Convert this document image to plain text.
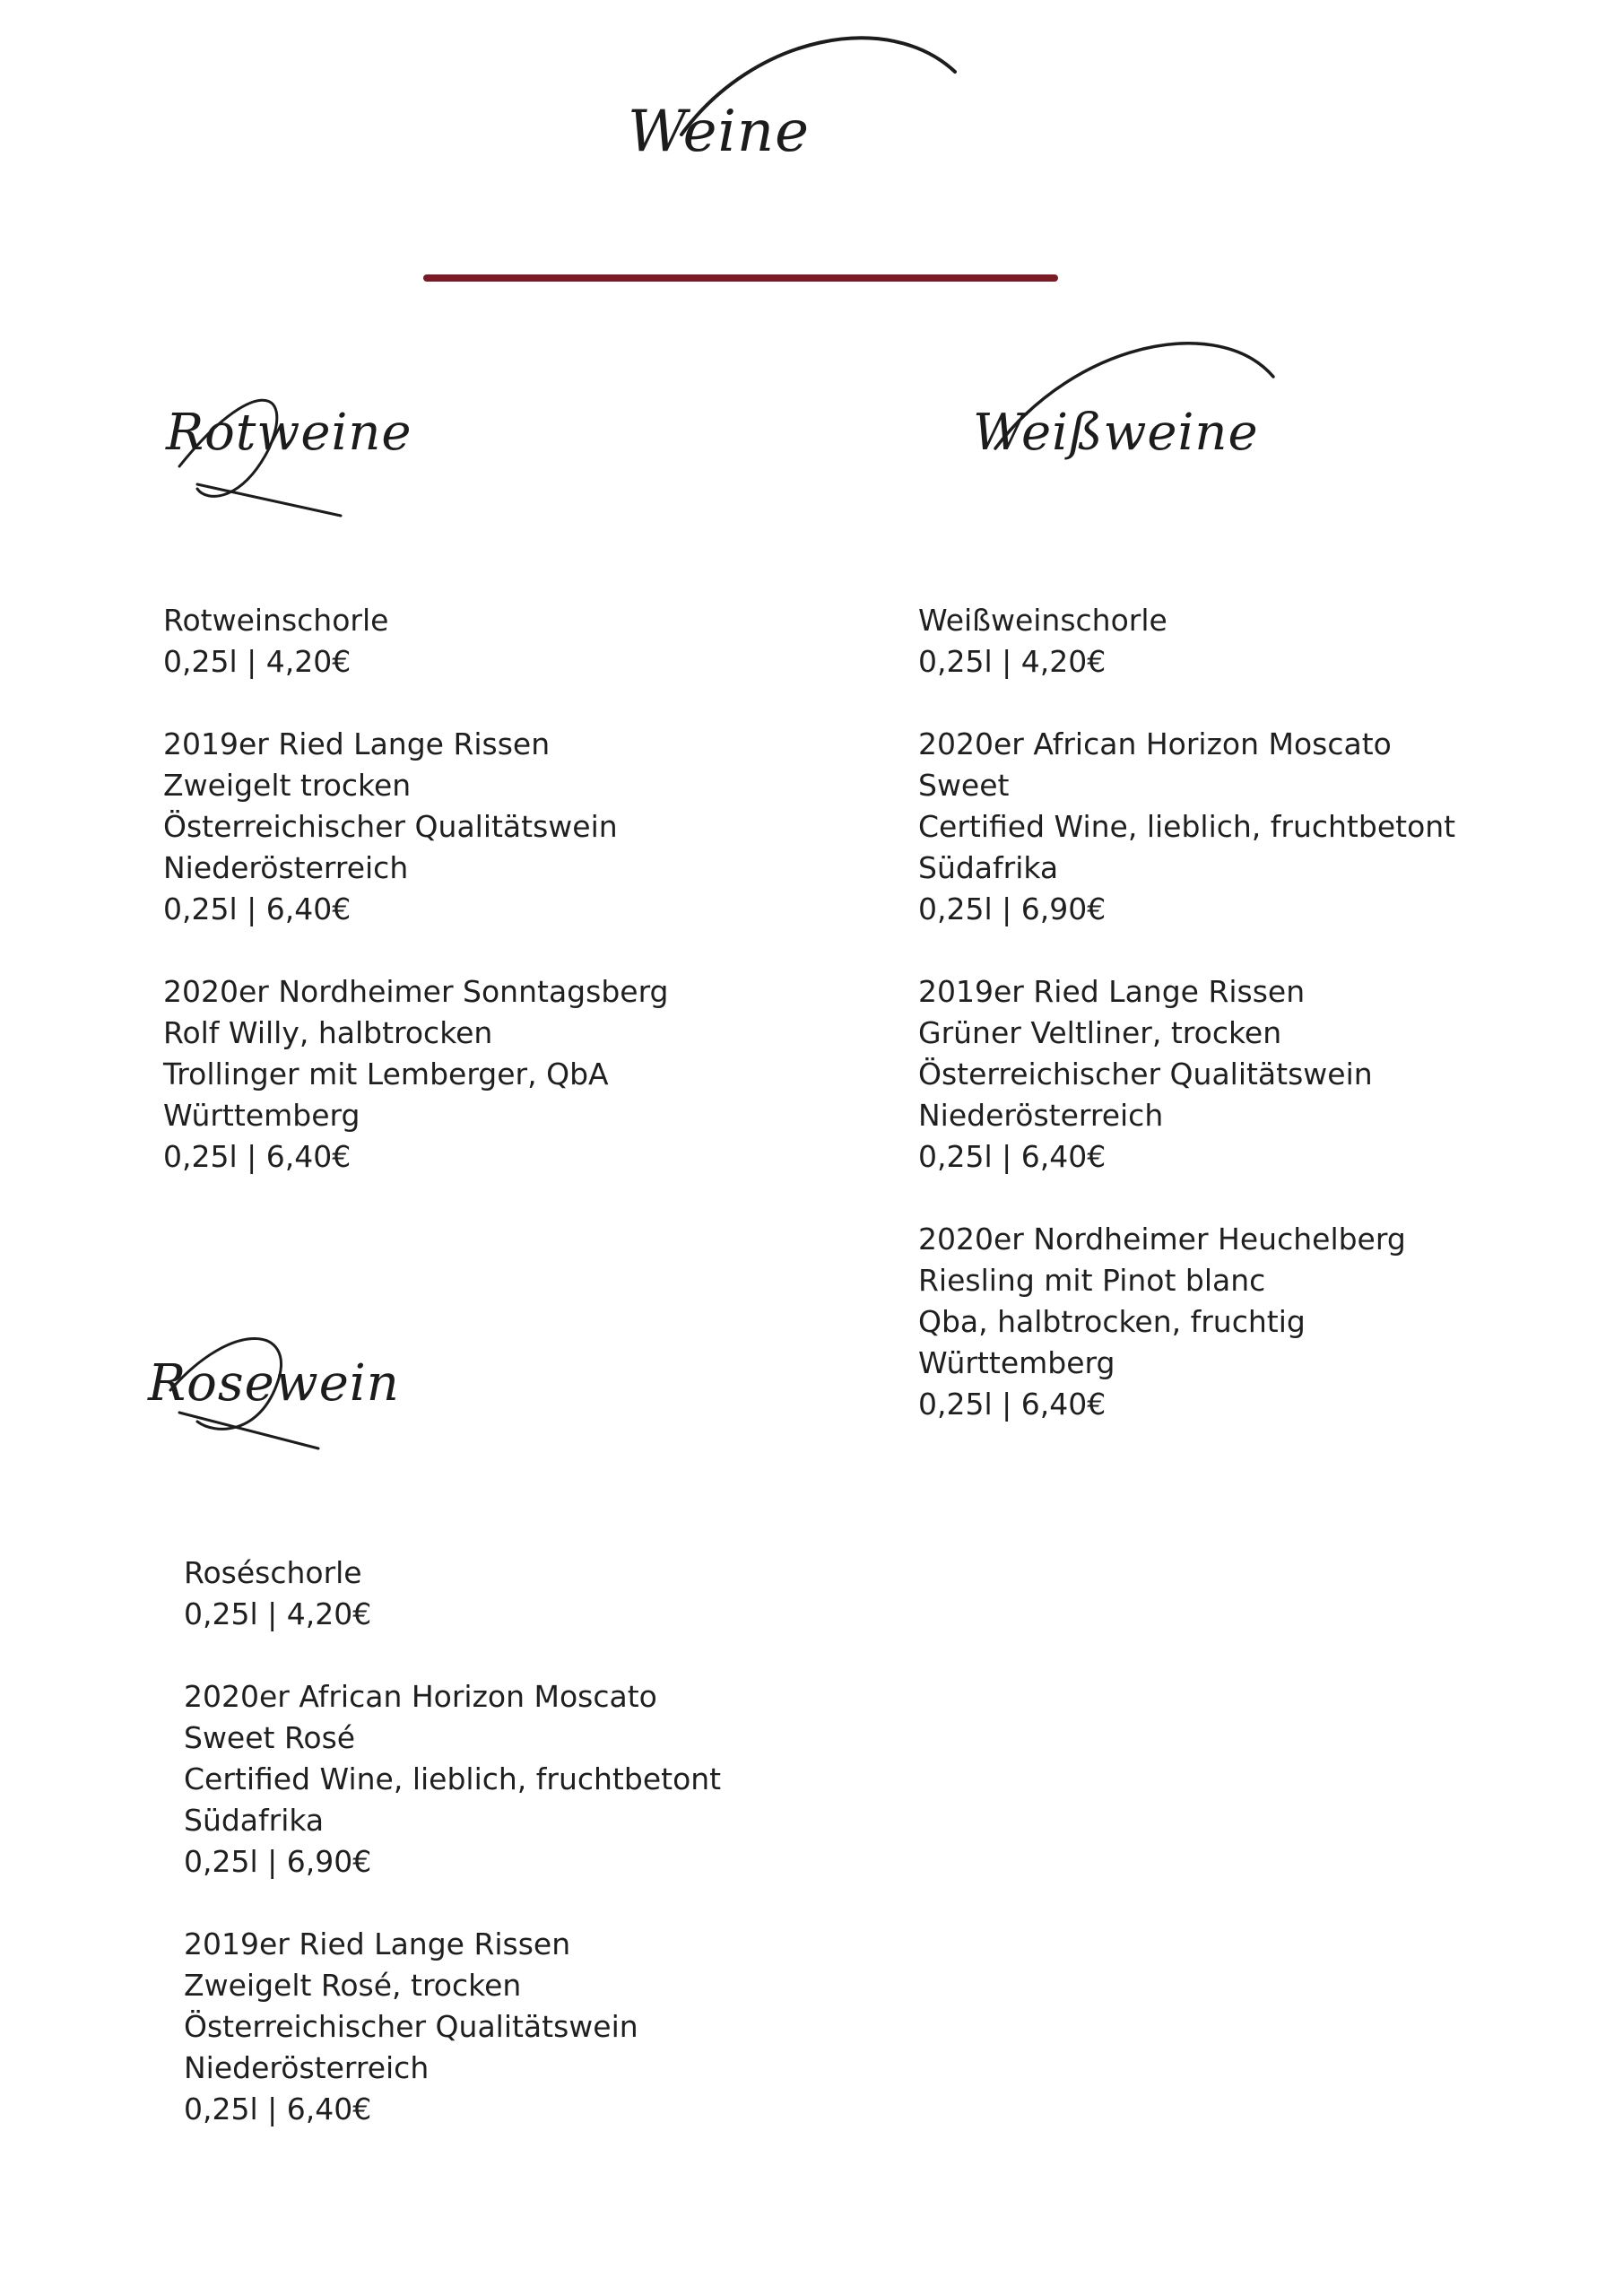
Weine
Rotweine	Weißweine
Rosewein
Rotweinschorle
0,25l | 4,20€
2019er Ried Lange Rissen
Zweigelt trocken
Österreichischer Qualitätswein
Niederösterreich
0,25l | 6,40€
2020er Nordheimer Sonntagsberg
Rolf Willy, halbtrocken
Trollinger mit Lemberger, QbA
Württemberg
0,25l | 6,40€
Weißweinschorle
0,25l | 4,20€
2020er African Horizon Moscato
Sweet
Certified Wine, lieblich, fruchtbetont
Südafrika
0,25l | 6,90€
2019er Ried Lange Rissen
Grüner Veltliner, trocken
Österreichischer Qualitätswein
Niederösterreich
0,25l | 6,40€
2020er Nordheimer Heuchelberg
Riesling mit Pinot blanc
Qba, halbtrocken, fruchtig
Württemberg
0,25l | 6,40€
Roséschorle
0,25l | 4,20€
2020er African Horizon Moscato
Sweet Rosé
Certified Wine, lieblich, fruchtbetont
Südafrika
0,25l | 6,90€
2019er Ried Lange Rissen
Zweigelt Rosé, trocken
Österreichischer Qualitätswein
Niederösterreich
0,25l | 6,40€
